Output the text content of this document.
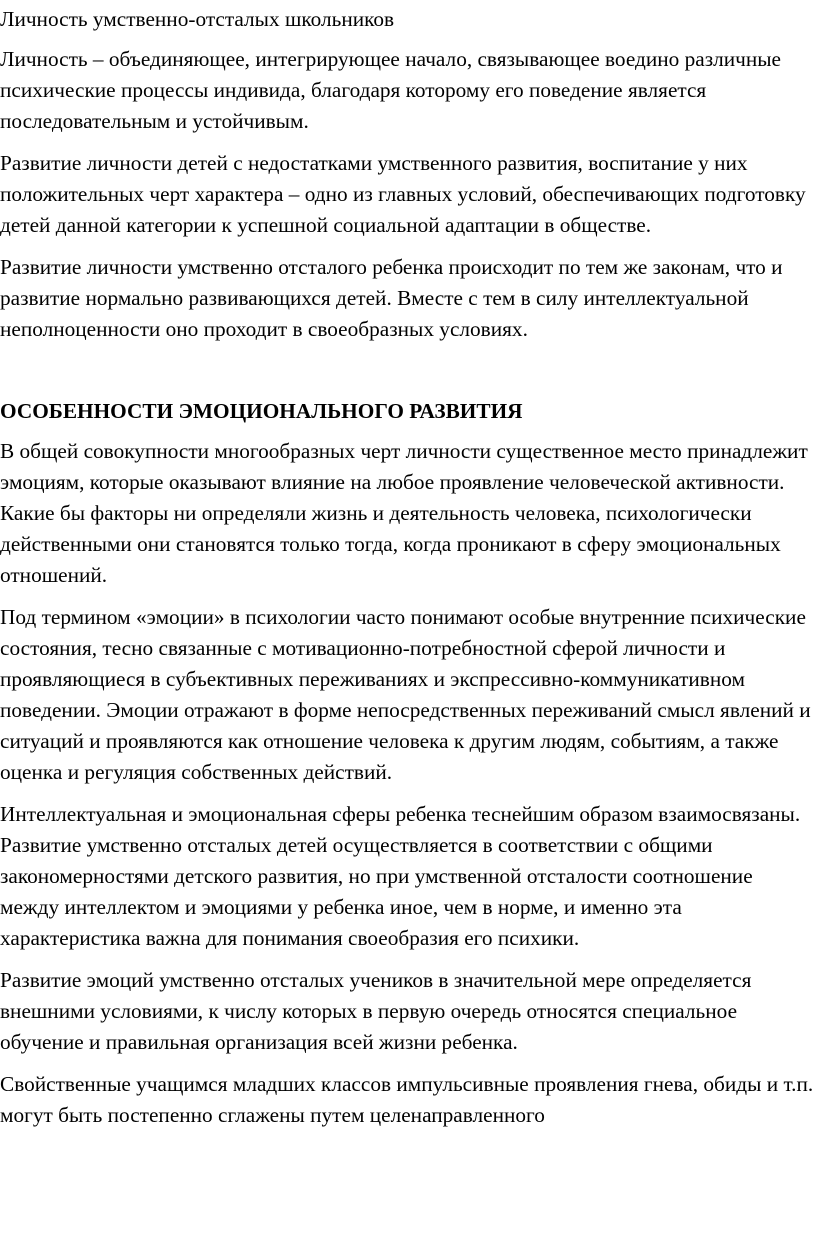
Личность умственно-отсталых школьников

Личность – объединяющее, интегрирующее начало, связывающее воедино различные психические процессы индивида, благодаря которому его поведение является последовательным и устойчивым.

Развитие личности детей с недостатками умственного развития, воспитание у них положительных черт характера – одно из главных условий, обеспечивающих подготовку детей данной категории к успешной социальной адаптации в обществе.

Развитие личности умственно отсталого ребенка происходит по тем же законам, что и развитие нормально развивающихся детей. Вместе с тем в силу интеллектуальной неполноценности оно проходит в своеобразных условиях.

ОСОБЕННОСТИ ЭМОЦИОНАЛЬНОГО РАЗВИТИЯ

В общей совокупности многообразных черт личности существенное место принадлежит эмоциям, которые оказывают влияние на любое проявление человеческой активности. Какие бы факторы ни определяли жизнь и деятельность человека, психологически действенными они становятся только тогда, когда проникают в сферу эмоциональных отношений.

Под термином «эмоции» в психологии часто понимают особые внутренние психические состояния, тесно связанные с мотивационно-потребностной сферой личности и проявляющиеся в субъективных переживаниях и экспрессивно-коммуникативном поведении. Эмоции отражают в форме непосредственных переживаний смысл явлений и ситуаций и проявляются как отношение человека к другим людям, событиям, а также оценка и регуляция собственных действий.

Интеллектуальная и эмоциональная сферы ребенка теснейшим образом взаимосвязаны. Развитие умственно отсталых детей осуществляется в соответствии с общими закономерностями детского развития, но при умственной отсталости соотношение между интеллектом и эмоциями у ребенка иное, чем в норме, и именно эта характеристика важна для понимания своеобразия его психики.

Развитие эмоций умственно отсталых учеников в значительной мере определяется внешними условиями, к числу которых в первую очередь относятся специальное обучение и правильная организация всей жизни ребенка.

Свойственные учащимся младших классов импульсивные проявления гнева, обиды и т.п. могут быть постепенно сглажены путем целенаправленного
